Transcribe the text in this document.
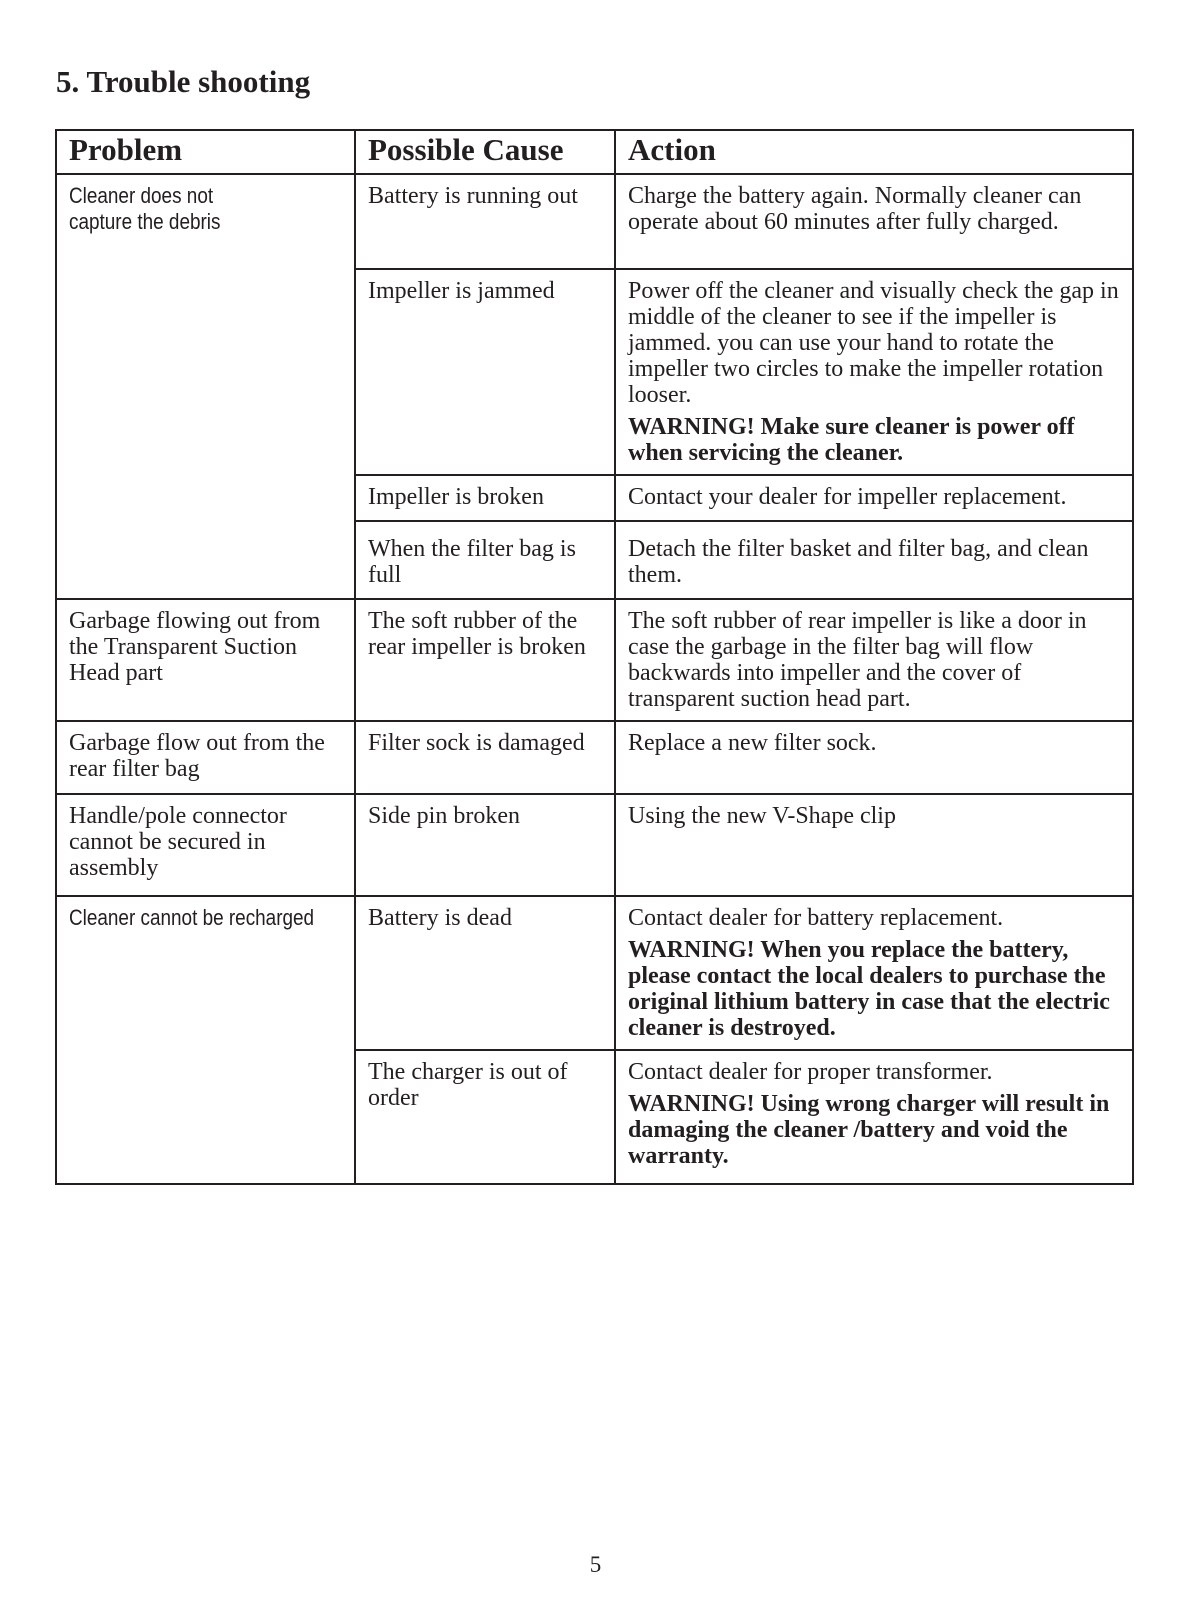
5. Trouble shooting
Problem	Possible Cause	Action
Cleaner does not capture the debris	Battery is running out	Charge the battery again. Normally cleaner can operate about 60 minutes after fully charged.
	Impeller is jammed	Power off the cleaner and visually check the gap in middle of the cleaner to see if the impeller is jammed. you can use your hand to rotate the impeller two circles to make the impeller rotation looser.
WARNING! Make sure cleaner is power off when servicing the cleaner.

	Impeller is broken	Contact your dealer for impeller replacement.
	When the filter bag is full	Detach the filter basket and filter bag, and clean them.
Garbage flowing out from the Transparent Suction Head part	The soft rubber of the rear impeller is broken	The soft rubber of rear impeller is like a door in case the garbage in the filter bag will flow backwards into impeller and the cover of transparent suction head part.
Garbage flow out from the rear filter bag	Filter sock is damaged	Replace a new filter sock.
Handle/pole connector cannot be secured in assembly	Side pin broken	Using the new V-Shape clip
Cleaner cannot be recharged	Battery is dead	Contact dealer for battery replacement.
WARNING! When you replace the battery, please contact the local dealers to purchase the original lithium battery in case that the electric cleaner is destroyed.

	The charger is out of order	Contact dealer for proper transformer.
WARNING! Using wrong charger will result in damaging the cleaner /battery and void the warranty.
5
